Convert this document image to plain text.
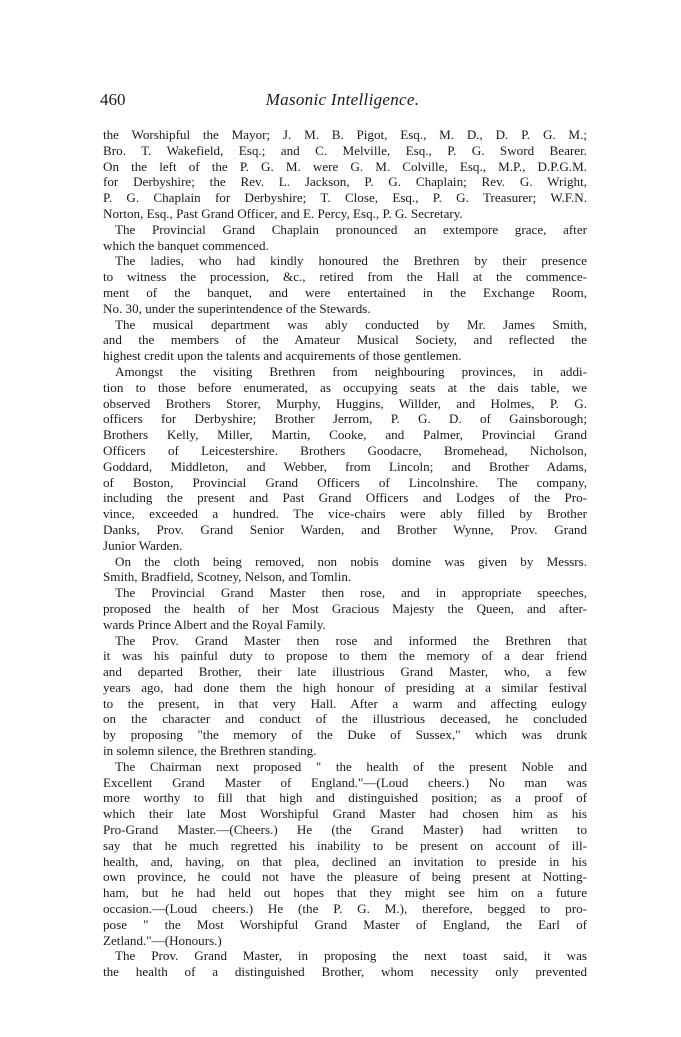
460	Masonic Intelligence.
the Worshipful the Mayor; J. M. B. Pigot, Esq., M. D., D. P. G. M.;
Bro. T. Wakefield, Esq.; and C. Melville, Esq., P. G. Sword Bearer.
On the left of the P. G. M. were G. M. Colville, Esq., M.P., D.P.G.M.
for Derbyshire; the Rev. L. Jackson, P. G. Chaplain; Rev. G. Wright,
P. G. Chaplain for Derbyshire; T. Close, Esq., P. G. Treasurer; W.F.N.
Norton, Esq., Past Grand Officer, and E. Percy, Esq., P. G. Secretary.
The Provincial Grand Chaplain pronounced an extempore grace, after
which the banquet commenced.
The ladies, who had kindly honoured the Brethren by their presence
to witness the procession, &c., retired from the Hall at the commence-
ment of the banquet, and were entertained in the Exchange Room,
No. 30, under the superintendence of the Stewards.
The musical department was ably conducted by Mr. James Smith,
and the members of the Amateur Musical Society, and reflected the
highest credit upon the talents and acquirements of those gentlemen.
Amongst the visiting Brethren from neighbouring provinces, in addi-
tion to those before enumerated, as occupying seats at the dais table, we
observed Brothers Storer, Murphy, Huggins, Willder, and Holmes, P. G.
officers for Derbyshire; Brother Jerrom, P. G. D. of Gainsborough;
Brothers Kelly, Miller, Martin, Cooke, and Palmer, Provincial Grand
Officers of Leicestershire. Brothers Goodacre, Bromehead, Nicholson,
Goddard, Middleton, and Webber, from Lincoln; and Brother Adams,
of Boston, Provincial Grand Officers of Lincolnshire. The company,
including the present and Past Grand Officers and Lodges of the Pro-
vince, exceeded a hundred. The vice-chairs were ably filled by Brother
Danks, Prov. Grand Senior Warden, and Brother Wynne, Prov. Grand
Junior Warden.
On the cloth being removed, non nobis domine was given by Messrs.
Smith, Bradfield, Scotney, Nelson, and Tomlin.
The Provincial Grand Master then rose, and in appropriate speeches,
proposed the health of her Most Gracious Majesty the Queen, and after-
wards Prince Albert and the Royal Family.
The Prov. Grand Master then rose and informed the Brethren that
it was his painful duty to propose to them the memory of a dear friend
and departed Brother, their late illustrious Grand Master, who, a few
years ago, had done them the high honour of presiding at a similar festival
to the present, in that very Hall. After a warm and affecting eulogy
on the character and conduct of the illustrious deceased, he concluded
by proposing "the memory of the Duke of Sussex," which was drunk
in solemn silence, the Brethren standing.
The Chairman next proposed " the health of the present Noble and
Excellent Grand Master of England."—(Loud cheers.) No man was
more worthy to fill that high and distinguished position; as a proof of
which their late Most Worshipful Grand Master had chosen him as his
Pro-Grand Master.—(Cheers.) He (the Grand Master) had written to
say that he much regretted his inability to be present on account of ill-
health, and, having, on that plea, declined an invitation to preside in his
own province, he could not have the pleasure of being present at Notting-
ham, but he had held out hopes that they might see him on a future
occasion.—(Loud cheers.) He (the P. G. M.), therefore, begged to pro-
pose " the Most Worshipful Grand Master of England, the Earl of
Zetland."—(Honours.)
The Prov. Grand Master, in proposing the next toast said, it was
the health of a distinguished Brother, whom necessity only prevented
